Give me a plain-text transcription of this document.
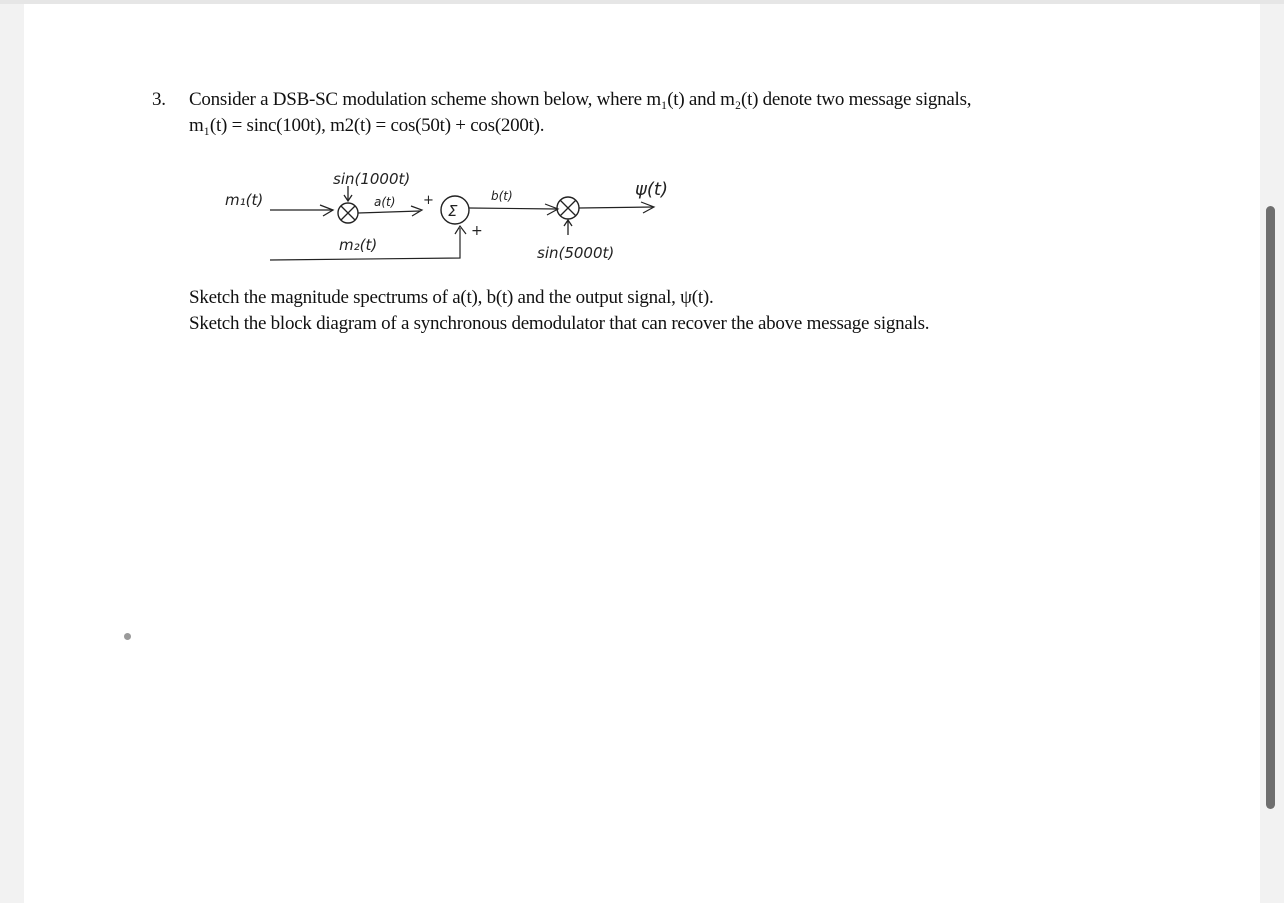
3. Consider a DSB-SC modulation scheme shown below, where m₁(t) and m₂(t) denote two message signals,
m₁(t) = sinc(100t), m2(t) = cos(50t) + cos(200t).
m₁(t)
sin(1000t)
a(t) +
Σ
m₂(t)
+
b(t)
sin(5000t)
ψ(t)
Sketch the magnitude spectrums of a(t), b(t) and the output signal, ψ(t).
Sketch the block diagram of a synchronous demodulator that can recover the above message signals.
